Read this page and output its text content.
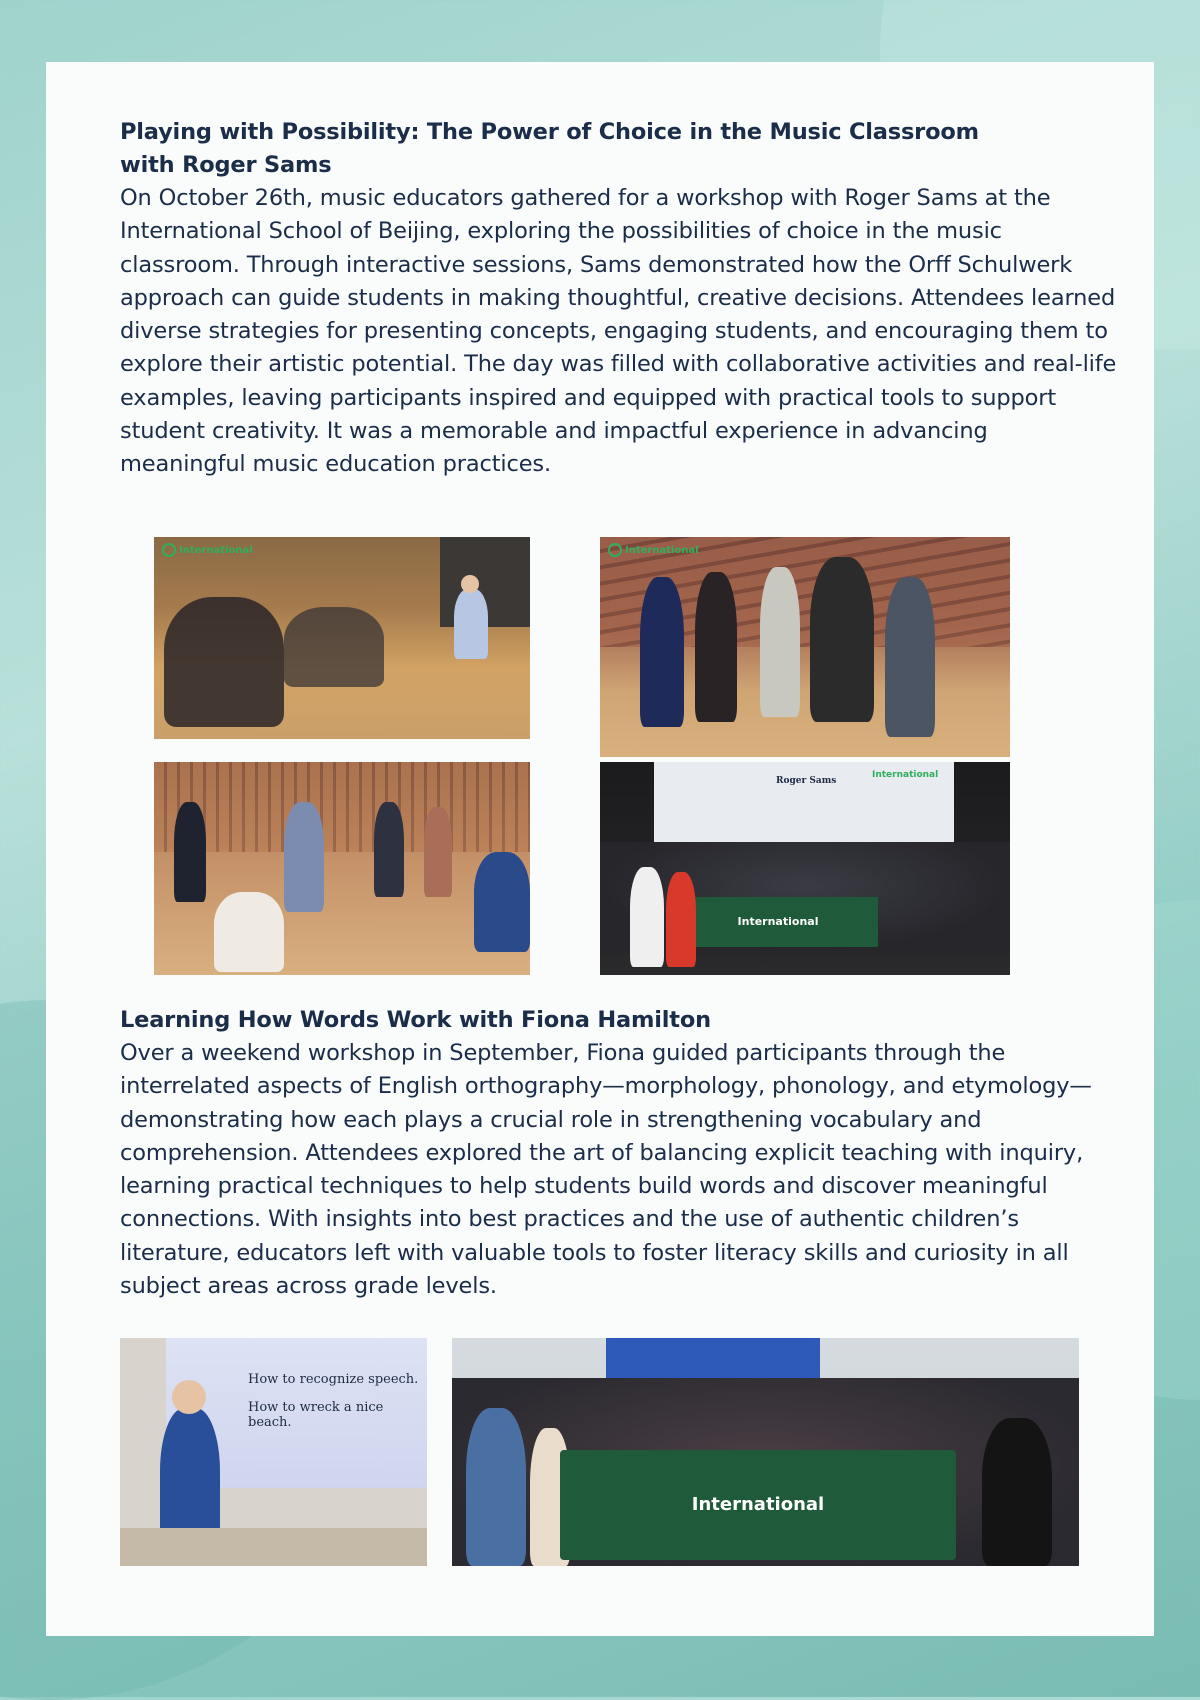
Playing with Possibility: The Power of Choice in the Music Classroom
with Roger Sams

On October 26th, music educators gathered for a workshop with Roger Sams at the International School of Beijing, exploring the possibilities of choice in the music classroom. Through interactive sessions, Sams demonstrated how the Orff Schulwerk approach can guide students in making thoughtful, creative decisions. Attendees learned diverse strategies for presenting concepts, engaging students, and encouraging them to explore their artistic potential. The day was filled with collaborative activities and real-life examples, leaving participants inspired and equipped with practical tools to support student creativity. It was a memorable and impactful experience in advancing meaningful music education practices.

International	International
Roger Sams
International
International
Learning How Words Work with Fiona Hamilton

Over a weekend workshop in September, Fiona guided participants through the interrelated aspects of English orthography—morphology, phonology, and etymology—demonstrating how each plays a crucial role in strengthening vocabulary and comprehension. Attendees explored the art of balancing explicit teaching with inquiry, learning practical techniques to help students build words and discover meaningful connections. With insights into best practices and the use of authentic children’s literature, educators left with valuable tools to foster literacy skills and curiosity in all subject areas across grade levels.

How to recognize speech.
How to wreck a nice beach.
International
